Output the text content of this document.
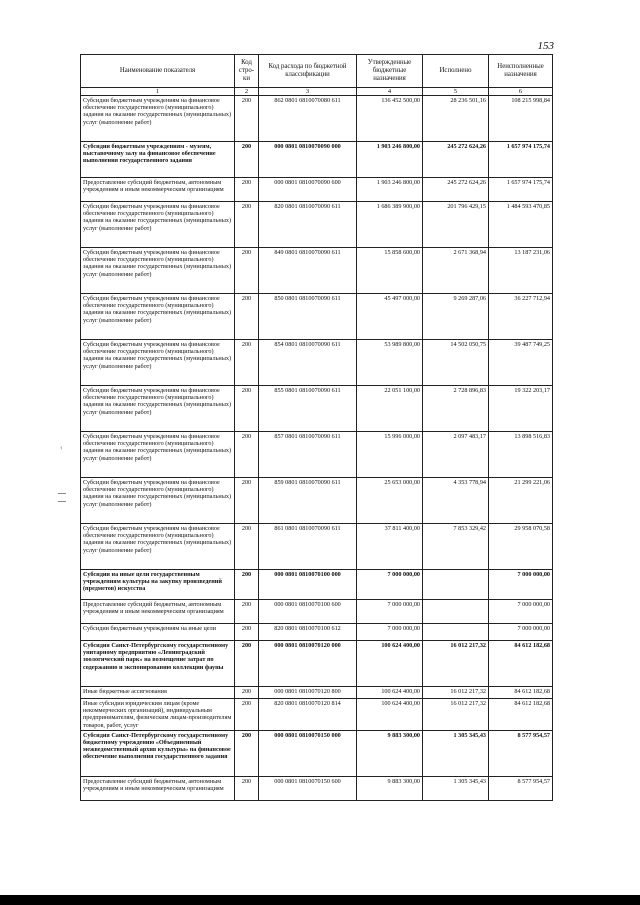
153
‹
Наименование показателя	Код стро-ки	Код расхода по бюджетной классификации	Утвержденные бюджетные назначения	Исполнено	Неисполненные назначения
1	2	3	4	5	6
Субсидии бюджетным учреждениям на финансовое обеспечение государственного (муниципального) задания на оказание государственных (муниципальных) услуг (выполнение работ)	200	862 0801 0810070080 611	136 452 500,00	28 236 501,16	108 215 998,84
Субсидии бюджетным учреждениям - музеям, выставочному залу на финансовое обеспечение выполнения государственного задания	200	000 0801 0810070090 000	1 903 246 800,00	245 272 624,26	1 657 974 175,74
Предоставление субсидий бюджетным, автономным учреждениям и иным некоммерческим организациям	200	000 0801 0810070090 600	1 903 246 800,00	245 272 624,26	1 657 974 175,74
Субсидии бюджетным учреждениям на финансовое обеспечение государственного (муниципального) задания на оказание государственных (муниципальных) услуг (выполнение работ)	200	820 0801 0810070090 611	1 686 389 900,00	201 796 429,15	1 484 593 470,85
Субсидии бюджетным учреждениям на финансовое обеспечение государственного (муниципального) задания на оказание государственных (муниципальных) услуг (выполнение работ)	200	849 0801 0810070090 611	15 858 600,00	2 671 368,94	13 187 231,06
Субсидии бюджетным учреждениям на финансовое обеспечение государственного (муниципального) задания на оказание государственных (муниципальных) услуг (выполнение работ)	200	850 0801 0810070090 611	45 497 000,00	9 269 287,06	36 227 712,94
Субсидии бюджетным учреждениям на финансовое обеспечение государственного (муниципального) задания на оказание государственных (муниципальных) услуг (выполнение работ)	200	854 0801 0810070090 611	53 989 800,00	14 502 050,75	39 487 749,25
Субсидии бюджетным учреждениям на финансовое обеспечение государственного (муниципального) задания на оказание государственных (муниципальных) услуг (выполнение работ)	200	855 0801 0810070090 611	22 051 100,00	2 728 896,83	19 322 203,17
Субсидии бюджетным учреждениям на финансовое обеспечение государственного (муниципального) задания на оказание государственных (муниципальных) услуг (выполнение работ)	200	857 0801 0810070090 611	15 996 000,00	2 097 483,17	13 898 516,83
Субсидии бюджетным учреждениям на финансовое обеспечение государственного (муниципального) задания на оказание государственных (муниципальных) услуг (выполнение работ)	200	859 0801 0810070090 611	25 653 000,00	4 353 778,94	21 299 221,06
Субсидии бюджетным учреждениям на финансовое обеспечение государственного (муниципального) задания на оказание государственных (муниципальных) услуг (выполнение работ)	200	861 0801 0810070090 611	37 811 400,00	7 853 329,42	29 958 070,58
Субсидии на иные цели государственным учреждениям культуры на закупку произведений (предметов) искусства	200	000 0801 0810070100 000	7 000 000,00		7 000 000,00
Предоставление субсидий бюджетным, автономным учреждениям и иным некоммерческим организациям	200	000 0801 0810070100 600	7 000 000,00		7 000 000,00
Субсидии бюджетным учреждениям на иные цели	200	820 0801 0810070100 612	7 000 000,00		7 000 000,00
Субсидия Санкт-Петербургскому государственному унитарному предприятию «Ленинградский зоологический парк» на возмещение затрат по содержанию и экспонированию коллекции фауны	200	000 0801 0810070120 000	100 624 400,00	16 012 217,32	84 612 182,68
Иные бюджетные ассигнования	200	000 0801 0810070120 800	100 624 400,00	16 012 217,32	84 612 182,68
Иные субсидии юридическим лицам (кроме некоммерческих организаций), индивидуальным предпринимателям, физическим лицам-производителям товаров, работ, услуг	200	820 0801 0810070120 814	100 624 400,00	16 012 217,32	84 612 182,68
Субсидия Санкт-Петербургскому государственному бюджетному учреждению «Объединенный межведомственный архив культуры» на финансовое обеспечение выполнения государственного задания	200	000 0801 0810070150 000	9 883 300,00	1 305 345,43	8 577 954,57
Предоставление субсидий бюджетным, автономным учреждениям и иным некоммерческим организациям	200	000 0801 0810070150 600	9 883 300,00	1 305 345,43	8 577 954,57
